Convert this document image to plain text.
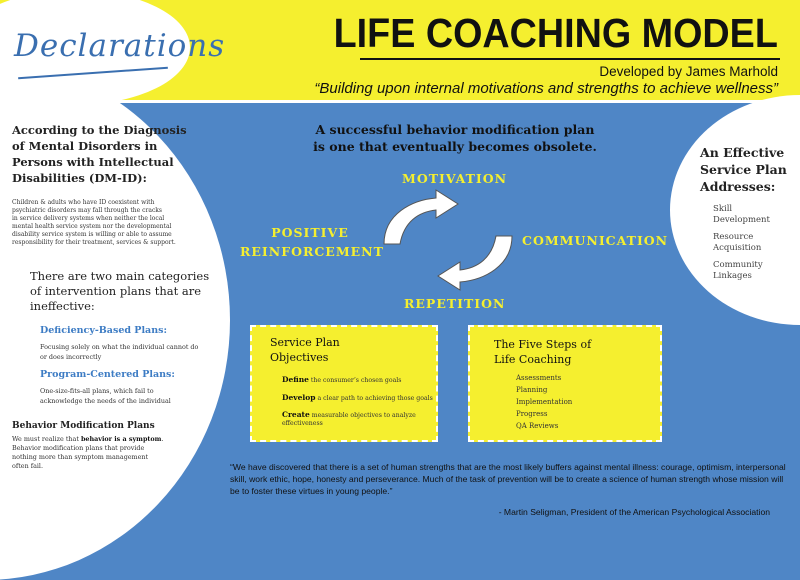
Declarations	LIFE COACHING MODEL
Developed by James Marhold
“Building upon internal motivations and strengths to achieve wellness”

According to the Diagnosis
of Mental Disorders in
Persons with Intellectual
Disabilities (DM-ID):

Children & adults who have ID coexistent with
psychiatric disorders may fall through the cracks
in service delivery systems when neither the local
mental health service system nor the developmental
disability service system is willing or able to assume
responsibility for their treatment, services & support.

There are two main categories
of intervention plans that are
ineffective:

Deficiency-Based Plans:

Focusing solely on what the individual cannot do
or does incorrectly

Program-Centered Plans:

One-size-fits-all plans, which fail to
acknowledge the needs of the individual

Behavior Modification Plans

We must realize that behavior is a symptom.
Behavior modification plans that provide
nothing more than symptom management
often fail.

A successful behavior modification plan
is one that eventually becomes obsolete.
MOTIVATION
COMMUNICATION
REPETITION
POSITIVE
REINFORCEMENT

An Effective
Service Plan
Addresses:

Skill
Development

Resource
Acquisition

Community
Linkages

Service Plan
Objectives

Define the consumer’s chosen goals

Develop a clear path to achieving those goals

Create measurable objectives to analyze
effectiveness

The Five Steps of
Life Coaching

Assessments

Planning

Implementation

Progress

QA Reviews

“We have discovered that there is a set of human strengths that are the most likely buffers against mental illness: courage, optimism, interpersonal skill, work ethic, hope, honesty and perseverance. Much of the task of prevention will be to create a science of human strength whose mission will be to foster these virtues in young people.”
- Martin Seligman, President of the American Psychological Association
